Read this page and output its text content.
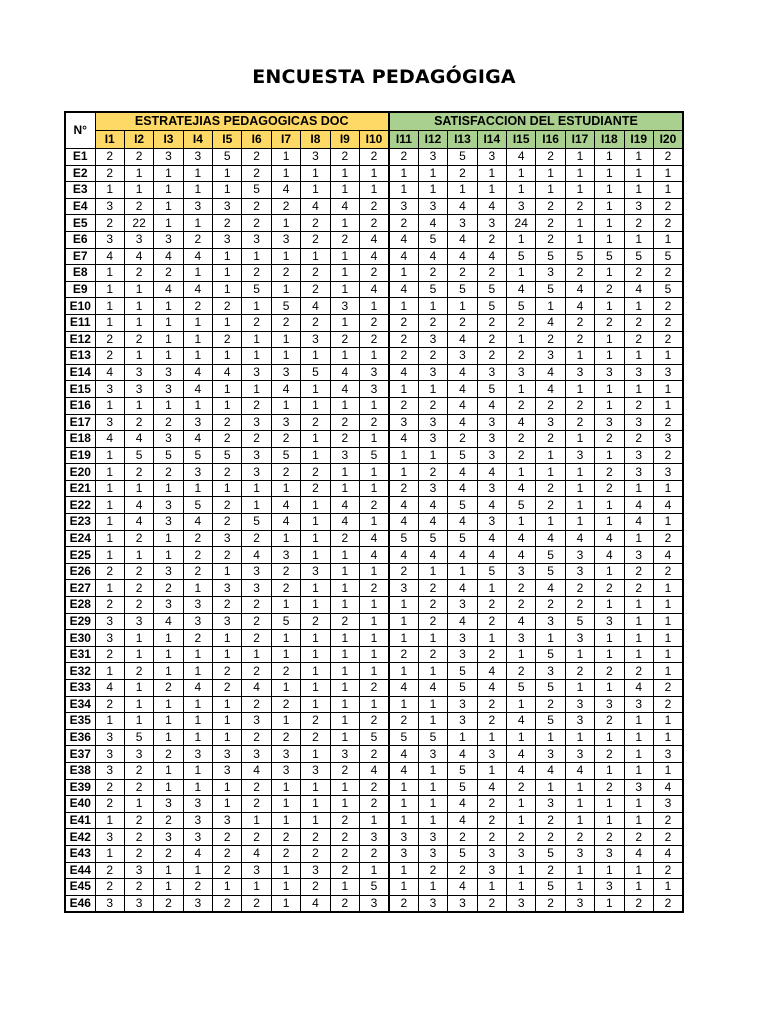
ENCUESTA PEDAGÓGIGA
N°	ESTRATEJIAS PEDAGOGICAS DOC										SATISFACCION DEL ESTUDIANTE									
	I1	I2	I3	I4	I5	I6	I7	I8	I9	I10	I11	I12	I13	I14	I15	I16	I17	I18	I19	I20
E1	2	2	3	3	5	2	1	3	2	2	2	3	5	3	4	2	1	1	1	2
E2	2	1	1	1	1	2	1	1	1	1	1	1	2	1	1	1	1	1	1	1
E3	1	1	1	1	1	5	4	1	1	1	1	1	1	1	1	1	1	1	1	1
E4	3	2	1	3	3	2	2	4	4	2	3	3	4	4	3	2	2	1	3	2
E5	2	22	1	1	2	2	1	2	1	2	2	4	3	3	24	2	1	1	2	2
E6	3	3	3	2	3	3	3	2	2	4	4	5	4	2	1	2	1	1	1	1
E7	4	4	4	4	1	1	1	1	1	4	4	4	4	4	5	5	5	5	5	5
E8	1	2	2	1	1	2	2	2	1	2	1	2	2	2	1	3	2	1	2	2
E9	1	1	4	4	1	5	1	2	1	4	4	5	5	5	4	5	4	2	4	5
E10	1	1	1	2	2	1	5	4	3	1	1	1	1	5	5	1	4	1	1	2
E11	1	1	1	1	1	2	2	2	1	2	2	2	2	2	2	4	2	2	2	2
E12	2	2	1	1	2	1	1	3	2	2	2	3	4	2	1	2	2	1	2	2
E13	2	1	1	1	1	1	1	1	1	1	2	2	3	2	2	3	1	1	1	1
E14	4	3	3	4	4	3	3	5	4	3	4	3	4	3	3	4	3	3	3	3
E15	3	3	3	4	1	1	4	1	4	3	1	1	4	5	1	4	1	1	1	1
E16	1	1	1	1	1	2	1	1	1	1	2	2	4	4	2	2	2	1	2	1
E17	3	2	2	3	2	3	3	2	2	2	3	3	4	3	4	3	2	3	3	2
E18	4	4	3	4	2	2	2	1	2	1	4	3	2	3	2	2	1	2	2	3
E19	1	5	5	5	5	3	5	1	3	5	1	1	5	3	2	1	3	1	3	2
E20	1	2	2	3	2	3	2	2	1	1	1	2	4	4	1	1	1	2	3	3
E21	1	1	1	1	1	1	1	2	1	1	2	3	4	3	4	2	1	2	1	1
E22	1	4	3	5	2	1	4	1	4	2	4	4	5	4	5	2	1	1	4	4
E23	1	4	3	4	2	5	4	1	4	1	4	4	4	3	1	1	1	1	4	1
E24	1	2	1	2	3	2	1	1	2	4	5	5	5	4	4	4	4	4	1	2
E25	1	1	1	2	2	4	3	1	1	4	4	4	4	4	4	5	3	4	3	4
E26	2	2	3	2	1	3	2	3	1	1	2	1	1	5	3	5	3	1	2	2
E27	1	2	2	1	3	3	2	1	1	2	3	2	4	1	2	4	2	2	2	1
E28	2	2	3	3	2	2	1	1	1	1	1	2	3	2	2	2	2	1	1	1
E29	3	3	4	3	3	2	5	2	2	1	1	2	4	2	4	3	5	3	1	1
E30	3	1	1	2	1	2	1	1	1	1	1	1	3	1	3	1	3	1	1	1
E31	2	1	1	1	1	1	1	1	1	1	2	2	3	2	1	5	1	1	1	1
E32	1	2	1	1	2	2	2	1	1	1	1	1	5	4	2	3	2	2	2	1
E33	4	1	2	4	2	4	1	1	1	2	4	4	5	4	5	5	1	1	4	2
E34	2	1	1	1	1	2	2	1	1	1	1	1	3	2	1	2	3	3	3	2
E35	1	1	1	1	1	3	1	2	1	2	2	1	3	2	4	5	3	2	1	1
E36	3	5	1	1	1	2	2	2	1	5	5	5	1	1	1	1	1	1	1	1
E37	3	3	2	3	3	3	3	1	3	2	4	3	4	3	4	3	3	2	1	3
E38	3	2	1	1	3	4	3	3	2	4	4	1	5	1	4	4	4	1	1	1
E39	2	2	1	1	1	2	1	1	1	2	1	1	5	4	2	1	1	2	3	4
E40	2	1	3	3	1	2	1	1	1	2	1	1	4	2	1	3	1	1	1	3
E41	1	2	2	3	3	1	1	1	2	1	1	1	4	2	1	2	1	1	1	2
E42	3	2	3	3	2	2	2	2	2	3	3	3	2	2	2	2	2	2	2	2
E43	1	2	2	4	2	4	2	2	2	2	3	3	5	3	3	5	3	3	4	4
E44	2	3	1	1	2	3	1	3	2	1	1	2	2	3	1	2	1	1	1	2
E45	2	2	1	2	1	1	1	2	1	5	1	1	4	1	1	5	1	3	1	1
E46	3	3	2	3	2	2	1	4	2	3	2	3	3	2	3	2	3	1	2	2
